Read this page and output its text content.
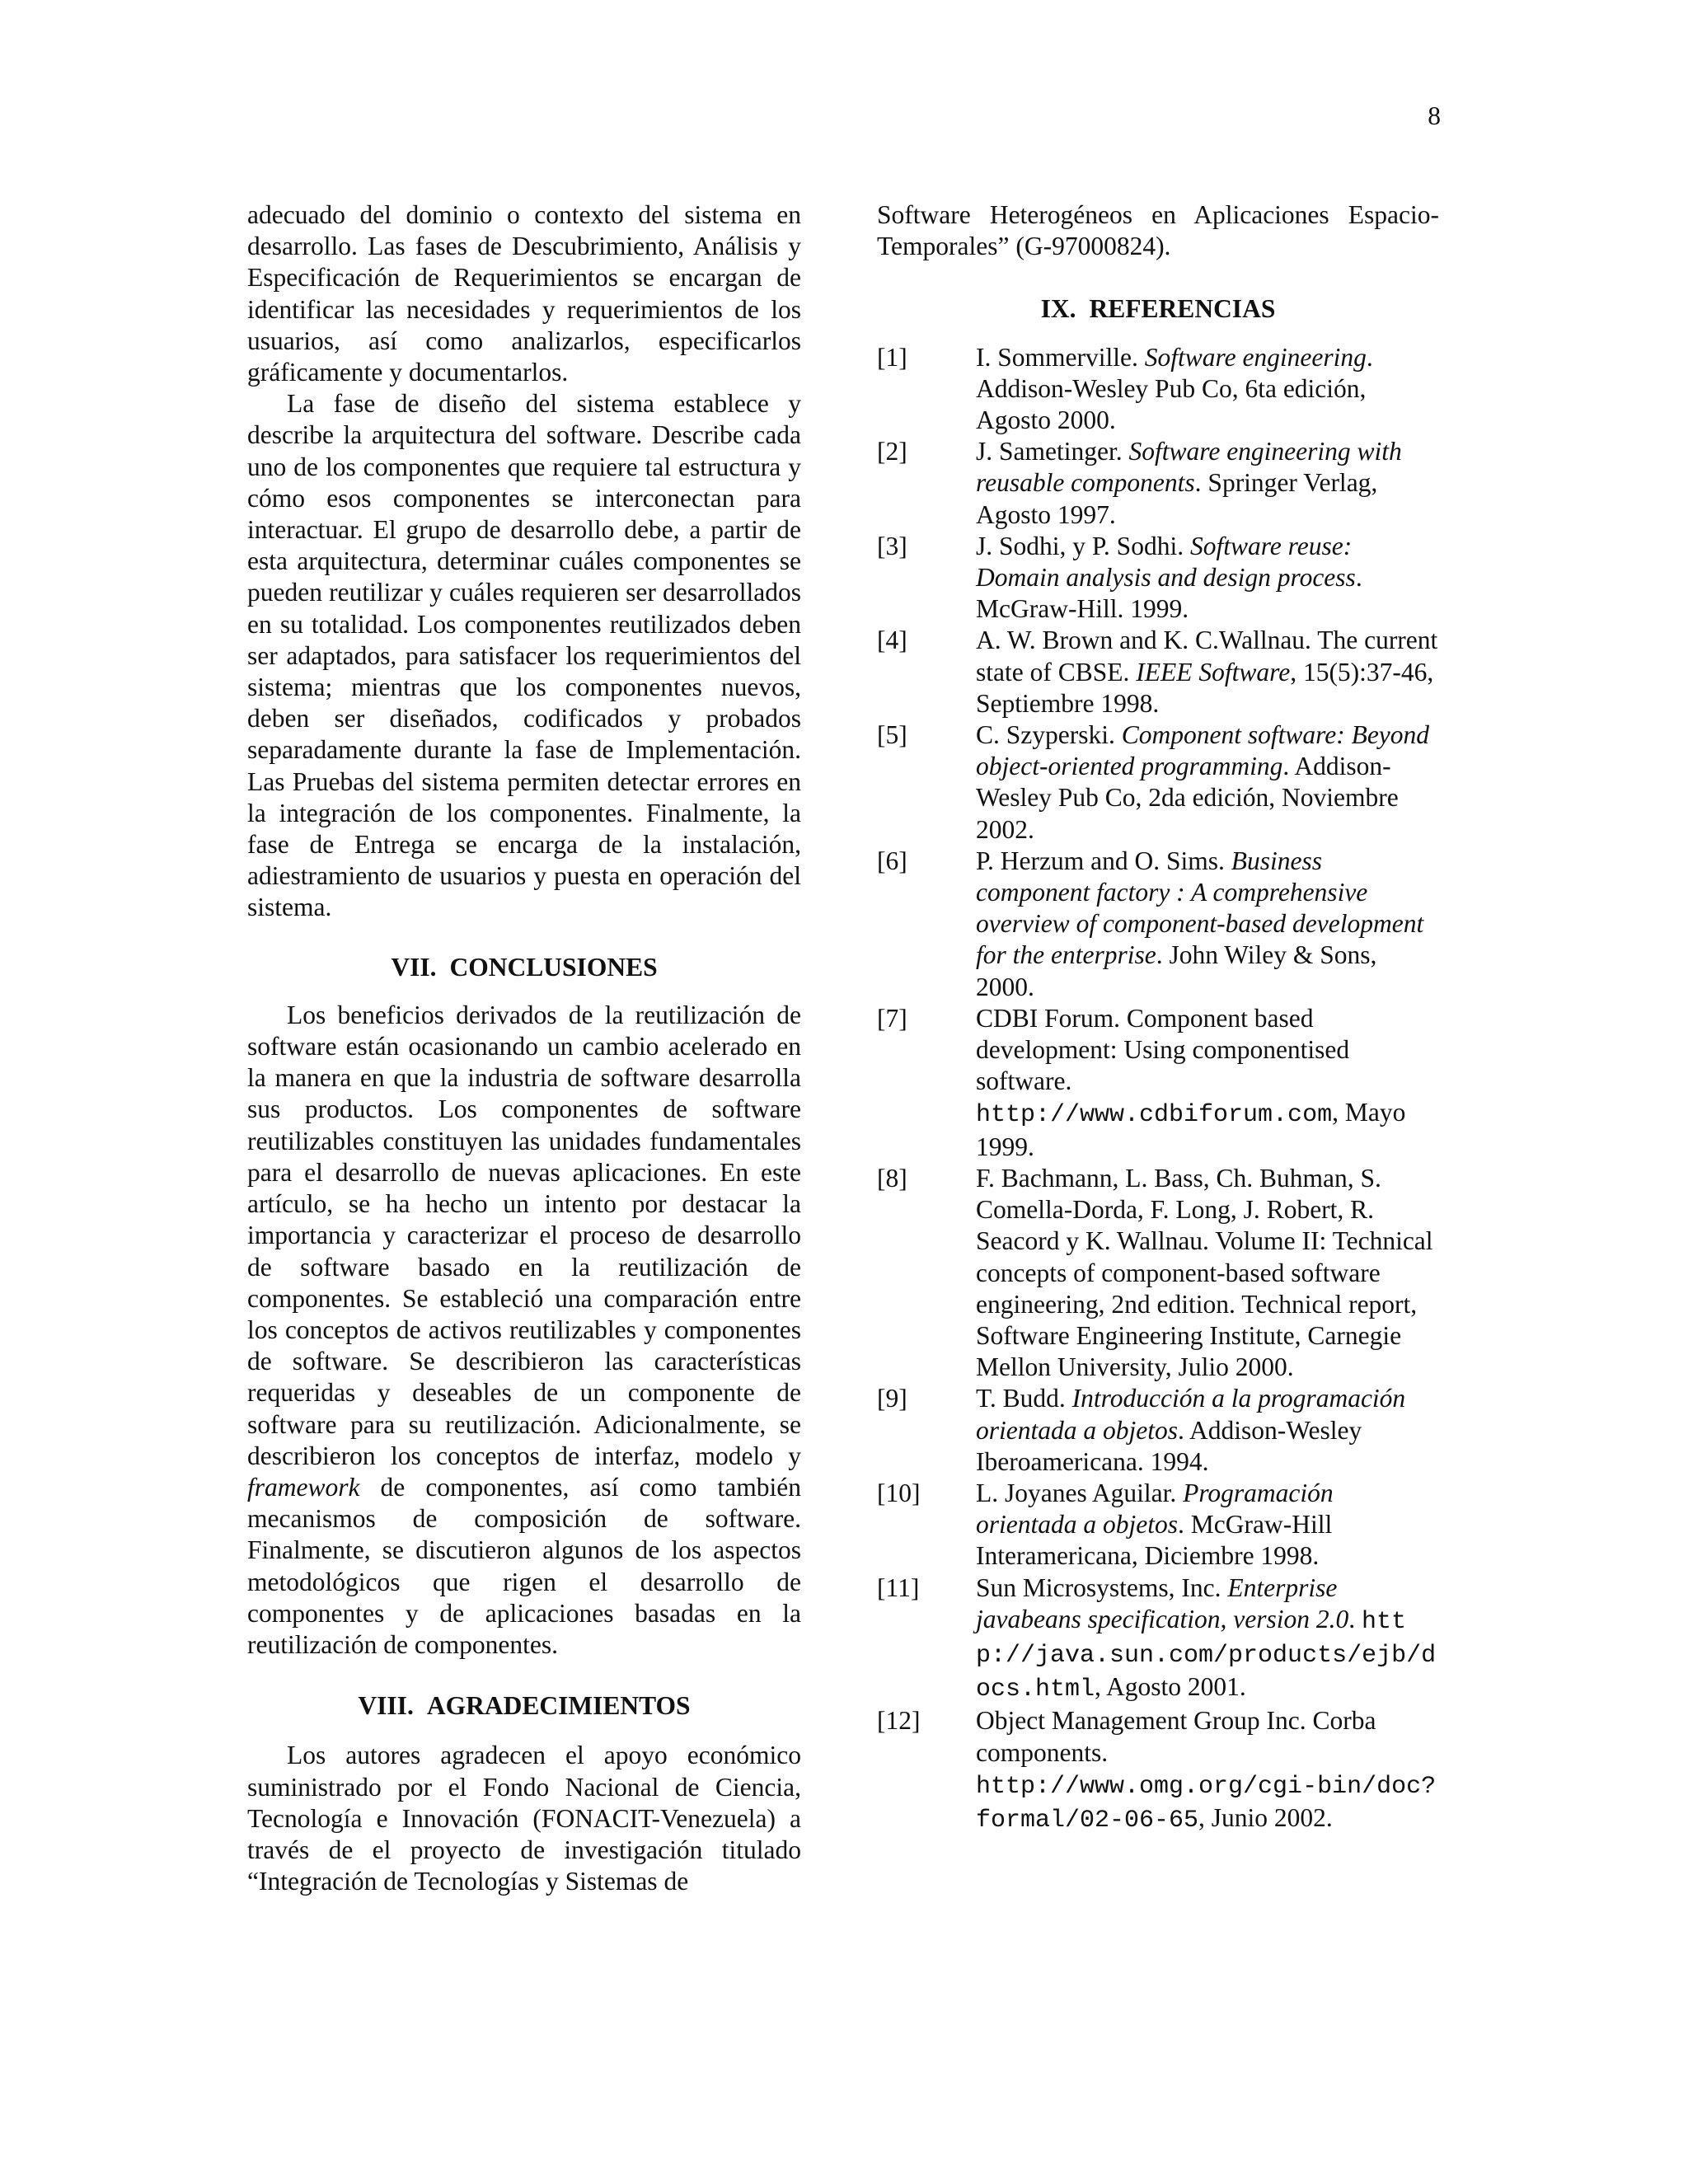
8

adecuado del dominio o contexto del sistema en desarrollo. Las fases de Descubrimiento, Análisis y Especificación de Requerimientos se encargan de identificar las necesidades y requerimientos de los usuarios, así como analizarlos, especificarlos gráficamente y documentarlos.

La fase de diseño del sistema establece y describe la arquitectura del software. Describe cada uno de los componentes que requiere tal estructura y cómo esos componentes se interconectan para interactuar. El grupo de desarrollo debe, a partir de esta arquitectura, determinar cuáles componentes se pueden reutilizar y cuáles requieren ser desarrollados en su totalidad. Los componentes reutilizados deben ser adaptados, para satisfacer los requerimientos del sistema; mientras que los componentes nuevos, deben ser diseñados, codificados y probados separadamente durante la fase de Implementación. Las Pruebas del sistema permiten detectar errores en la integración de los componentes. Finalmente, la fase de Entrega se encarga de la instalación, adiestramiento de usuarios y puesta en operación del sistema.

VII. CONCLUSIONES

Los beneficios derivados de la reutilización de software están ocasionando un cambio acelerado en la manera en que la industria de software desarrolla sus productos. Los componentes de software reutilizables constituyen las unidades fundamentales para el desarrollo de nuevas aplicaciones. En este artículo, se ha hecho un intento por destacar la importancia y caracterizar el proceso de desarrollo de software basado en la reutilización de componentes. Se estableció una comparación entre los conceptos de activos reutilizables y componentes de software. Se describieron las características requeridas y deseables de un componente de software para su reutilización. Adicionalmente, se describieron los conceptos de interfaz, modelo y framework de componentes, así como también mecanismos de composición de software. Finalmente, se discutieron algunos de los aspectos metodológicos que rigen el desarrollo de componentes y de aplicaciones basadas en la reutilización de componentes.

VIII. AGRADECIMIENTOS

Los autores agradecen el apoyo económico suministrado por el Fondo Nacional de Ciencia, Tecnología e Innovación (FONACIT-Venezuela) a través de el proyecto de investigación titulado “Integración de Tecnologías y Sistemas de

Software Heterogéneos en Aplicaciones Espacio-Temporales” (G-97000824).

IX. REFERENCIAS
[1]	I. Sommerville. Software engineering. Addison-Wesley Pub Co, 6ta edición, Agosto 2000.
[2]	J. Sametinger. Software engineering with reusable components. Springer Verlag, Agosto 1997.
[3]	J. Sodhi, y P. Sodhi. Software reuse: Domain analysis and design process. McGraw-Hill. 1999.
[4]	A. W. Brown and K. C.Wallnau. The current state of CBSE. IEEE Software, 15(5):37-46, Septiembre 1998.
[5]	C. Szyperski. Component software: Beyond object-oriented programming. Addison-Wesley Pub Co, 2da edición, Noviembre 2002.
[6]	P. Herzum and O. Sims. Business component factory : A comprehensive overview of component-based development for the enterprise. John Wiley & Sons, 2000.
[7]	CDBI Forum. Component based development: Using componentised software. http://www.cdbiforum.com, Mayo 1999.
[8]	F. Bachmann, L. Bass, Ch. Buhman, S. Comella-Dorda, F. Long, J. Robert, R. Seacord y K. Wallnau. Volume II: Technical concepts of component-based software engineering, 2nd edition. Technical report, Software Engineering Institute, Carnegie Mellon University, Julio 2000.
[9]	T. Budd. Introducción a la programación orientada a objetos. Addison-Wesley Iberoamericana. 1994.
[10]	L. Joyanes Aguilar. Programación orientada a objetos. McGraw-Hill Interamericana, Diciembre 1998.
[11]	Sun Microsystems, Inc. Enterprise javabeans specification, version 2.0. http://java.sun.com/products/ejb/docs.html, Agosto 2001.
[12]	Object Management Group Inc. Corba components. http://www.omg.org/cgi-bin/doc?formal/02-06-65, Junio 2002.
